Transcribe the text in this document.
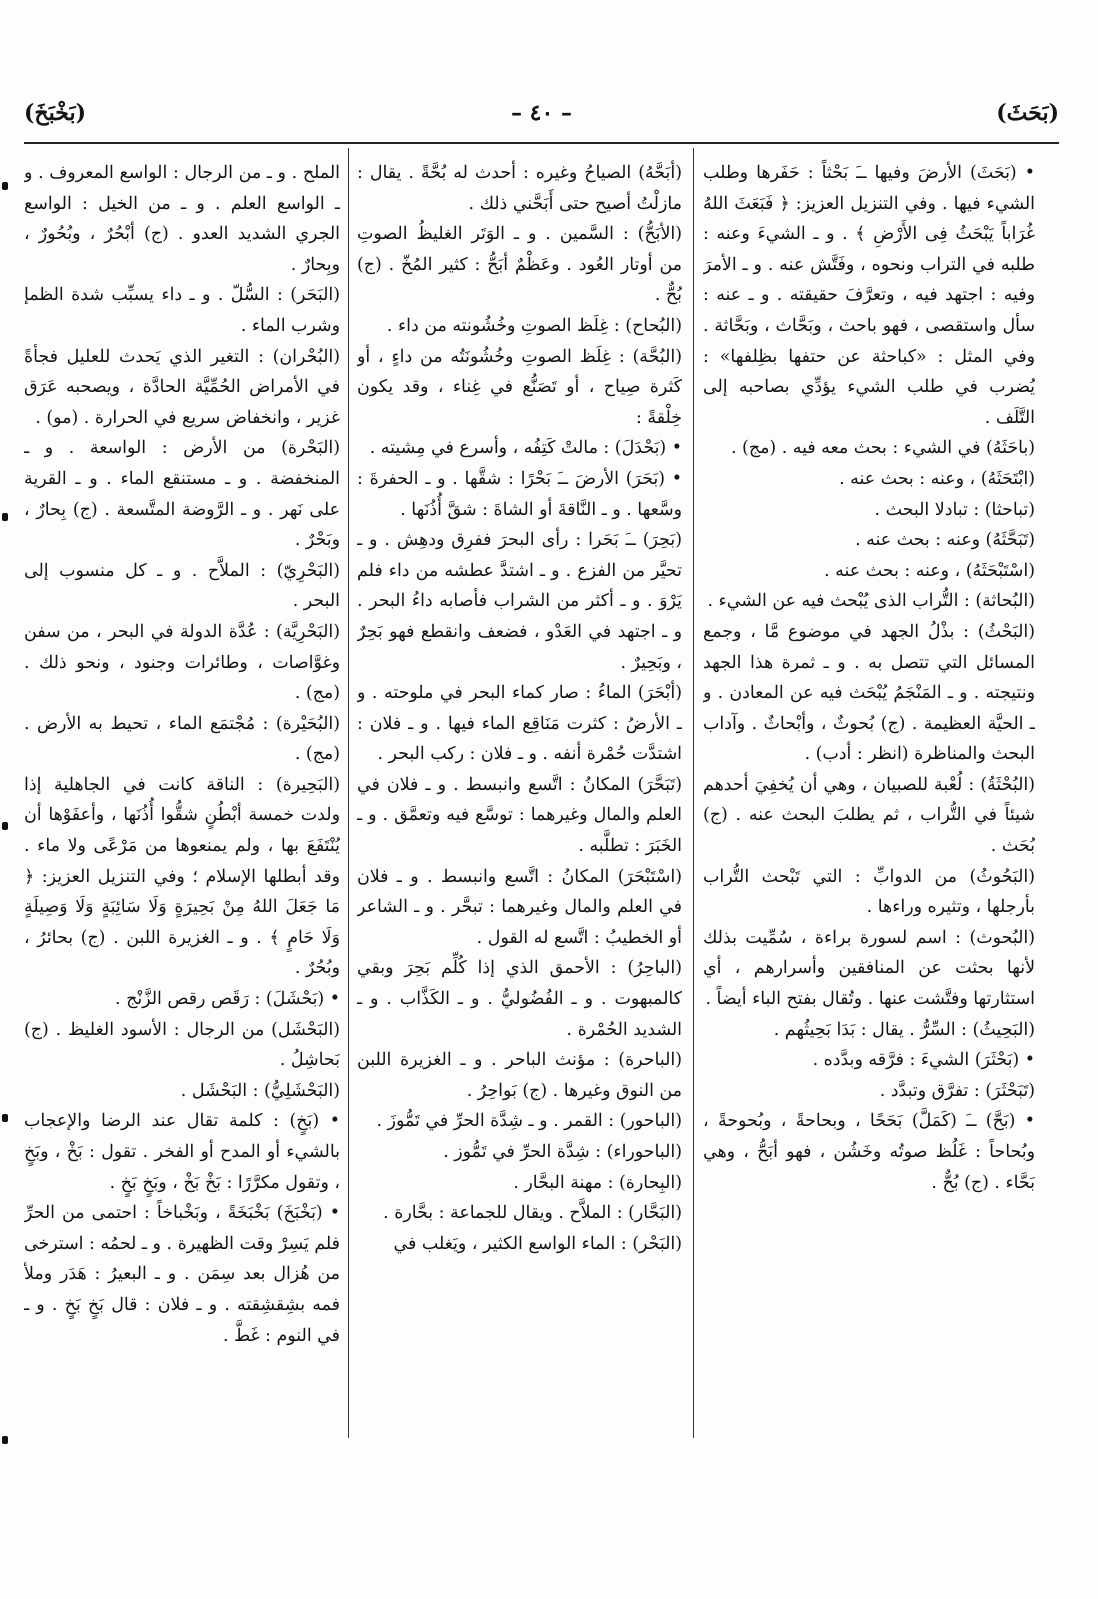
(بَحَثَ)
– ٤٠ –
(بَخْبَخَ)

• (بَحَثَ) الأرضَ وفيها ــَ بَحْثاً : حَفَرها وطلب الشيء فيها . وفي التنزيل العزيز: ﴿ فَبَعَثَ اللهُ غُرَاباً يَبْحَثُ فِى الأَرْضِ ﴾ . و ـ الشيءَ وعنه : طلبه في التراب ونحوه ، وفَتَّش عنه . و ـ الأمرَ وفيه : اجتهد فيه ، وتعرَّفَ حقيقته . و ـ عنه : سأل واستقصى ، فهو باحث ، وبَحَّاث ، وبَحَّاثة . وفي المثل : «كباحثة عن حتفها بظِلفها» : يُضرب في طلب الشيء يؤدِّي بصاحبه إلى التَّلَف .

(باحَثَهُ) في الشيء : بحث معه فيه . (مج) .

(ابْتَحَثَهُ) ، وعنه : بحث عنه .

(تباحثا) : تبادلا البحث .

(تَبَحَّثَهُ) وعنه : بحث عنه .

(اسْتَبْحَثَهُ) ، وعنه : بحث عنه .

(البُحاثة) : التُّراب الذى يُبْحث فيه عن الشيء .

(البَحْثُ) : بذْلُ الجهد في موضوع مَّا ، وجمع المسائل التي تتصل به . و ـ ثمرة هذا الجهد ونتيجته . و ـ المَنْجَمُ يُبْحَث فيه عن المعادن . و ـ الحيَّة العظيمة . (ج) بُحوثٌ ، وأبْحاثٌ . وآداب البحث والمناظرة (انظر : أدب) .

(البُحْثَةُ) : لُعْبة للصبيان ، وهي أن يُخفِيَ أحدهم شيئاً في التُّراب ، ثم يطلبَ البحث عنه . (ج) بُحَث .

(البَحُوثُ) من الدوابِّ : التي تَبْحث التُّراب بأرجلها ، وتثيره وراءها .

(البُحوث) : اسم لسورة براءة ، سُمِّيت بذلك لأنها بحثت عن المنافقين وأسرارهم ، أي استثارتها وفتَّشت عنها . وتُقال بفتح الباء أيضاً .

(البَحِيثُ) : السِّرُّ . يقال : بَدَا بَحِيثُهم .

• (بَحْثَرَ) الشيءَ : فرَّقه وبدَّده .

(تَبَحْثَرَ) : تفرَّق وتبدَّد .

• (بَحَّ) ــَ (كَمَلَّ) بَحَحًا ، وبحاحةً ، وبُحوحةً ، وبُحاحاً : غَلُظ صوتُه وخَشُن ، فهو أبَحُّ ، وهي بَحَّاء . (ج) بُحٌّ .

(أبَحَّهُ) الصياحُ وغيره : أحدث له بُحَّةً . يقال : مازلْتُ أصيح حتى أَبَحَّني ذلك .

(الأبَحُّ) : السَّمين . و ـ الوَتَر الغليظُ الصوتِ من أوتار العُود . وعَظْمٌ أبَحُّ : كثير المُخّ . (ج) بُحٌّ .

(البُحاح) : غِلَظ الصوتِ وخُشُونته من داء .

(البُحَّة) : غِلَظ الصوتِ وخُشُونَتُه من داءٍ ، أو كَثرة صِياح ، أو تَصَنُّع في غِناء ، وقد يكون خِلْقةً :

• (بَحْدَلَ) : مالتْ كَتِفُه ، وأسرع في مِشيته .

• (بَحَرَ) الأرضَ ــَ بَحْرًا : شقَّها . و ـ الحفرةَ : وسَّعها . و ـ النَّاقةَ أو الشاةَ : شقَّ أُذُنَها .

(بَحِرَ) ــَ بَحَرا : رأى البحرَ ففرِق ودهِش . و ـ تحيَّر من الفزع . و ـ اشتدَّ عطشه من داء فلم يَرْوَ . و ـ أكثر من الشراب فأصابه داءُ البحر . و ـ اجتهد في العَدْو ، فضعف وانقطع فهو بَحِرٌ ، وبَحِيرٌ .

(أبْحَرَ) الماءُ : صار كماء البحر في ملوحته . و ـ الأرضُ : كثرت مَنَاقِع الماء فيها . و ـ فلان : اشتدَّت حُمْرة أنفه . و ـ فلان : ركب البحر .

(تَبَحَّرَ) المكانُ : اتَّسع وانبسط . و ـ فلان في العلم والمال وغيرهما : توسَّع فيه وتعمَّق . و ـ الخَبَرَ : تطلَّبه .

(اسْتَبْحَرَ) المكانُ : اتَّسع وانبسط . و ـ فلان في العلم والمال وغيرهما : تبحَّر . و ـ الشاعر أو الخطيبُ : اتَّسع له القول .

(الباحِرُ) : الأحمق الذي إذا كُلِّم بَحِرَ وبقي كالمبهوت . و ـ الفُضُوليُّ . و ـ الكَذَّاب . و ـ الشديد الحُمْرة .

(الباحرة) : مؤنث الباحر . و ـ الغزيرة اللبن من النوق وغيرها . (ج) بَواحِرُ .

(الباحور) : القمر . و ـ شِدَّة الحرِّ في تَمُّوزَ .

(الباحوراء) : شِدَّة الحرِّ في تَمُّوز .

(البِحارة) : مهنة البحَّار .

(البَحَّار) : الملاَّح . ويقال للجماعة : بحَّارة .

(البَحْر) : الماء الواسع الكثير ، ويَغلب في

الملح . و ـ من الرجال : الواسع المعروف . و ـ الواسع العلم . و ـ من الخيل : الواسع الجري الشديد العدو . (ج) أبْحُرٌ ، وبُحُورٌ ، وبِحارٌ .

(البَحَر) : السُّلّ . و ـ داء يسبِّب شدة الظمإ وشرب الماء .

(البُحْران) : التغير الذي يَحدث للعليل فجأةً في الأمراض الحُمِّيَّة الحادَّة ، ويصحبه عَرَق غزير ، وانخفاض سريع في الحرارة . (مو) .

(البَحْرة) من الأرض : الواسعة . و ـ المنخفضة . و ـ مستنقع الماء . و ـ القرية على نَهر . و ـ الرَّوضة المتَّسعة . (ج) بِحارٌ ، وبَحْرٌ .

(البَحْرِيّ) : الملاَّح . و ـ كل منسوب إلى البحر .

(البَحْرِيَّة) : عُدَّة الدولة في البحر ، من سفن وغوَّاصات ، وطائرات وجنود ، ونحو ذلك . (مج) .

(البُحَيْرة) : مُجْتمَع الماء ، تحيط به الأرض . (مج) .

(البَحِيرة) : الناقة كانت في الجاهلية إذا ولدت خمسة أبْطُنٍ شقُّوا أُذُنَها ، وأعفَوْها أن يُنْتَفَعَ بها ، ولم يمنعوها من مَرْعًى ولا ماء . وقد أبطلها الإسلام ؛ وفي التنزيل العزيز: ﴿ مَا جَعَلَ اللهُ مِنْ بَحِيرَةٍ وَلَا سَائِبَةٍ وَلَا وَصِيلَةٍ وَلَا حَامٍ ﴾ . و ـ الغزيرة اللبن . (ج) بحائرُ ، وبُحُرٌ .

• (بَحْشَلَ) : رَقَص رقص الزَّنْج .

(البَحْشَل) من الرجال : الأسود الغليظ . (ج) بَحاشِلُ .

(البَحْشَلِيُّ) : البَحْشَل .

• (بَخٍ) : كلمة تقال عند الرضا والإعجاب بالشيء أو المدح أو الفخر . تقول : بَخْ ، وبَخٍ ، وتقول مكرَّرًا : بَخْ بَخْ ، وبَخٍ بَخٍ .

• (بَخْبَخَ) بَخْبَخَةً ، وبَخْباخاً : احتمى من الحرِّ فلم يَسِرْ وقت الظهيرة . و ـ لحمُه : استرخى من هُزال بعد سِمَن . و ـ البعيرُ : هَدَر وملأ فمه بشِقشِقته . و ـ فلان : قال بَخٍ بَخٍ . و ـ في النوم : غَطَّ .
